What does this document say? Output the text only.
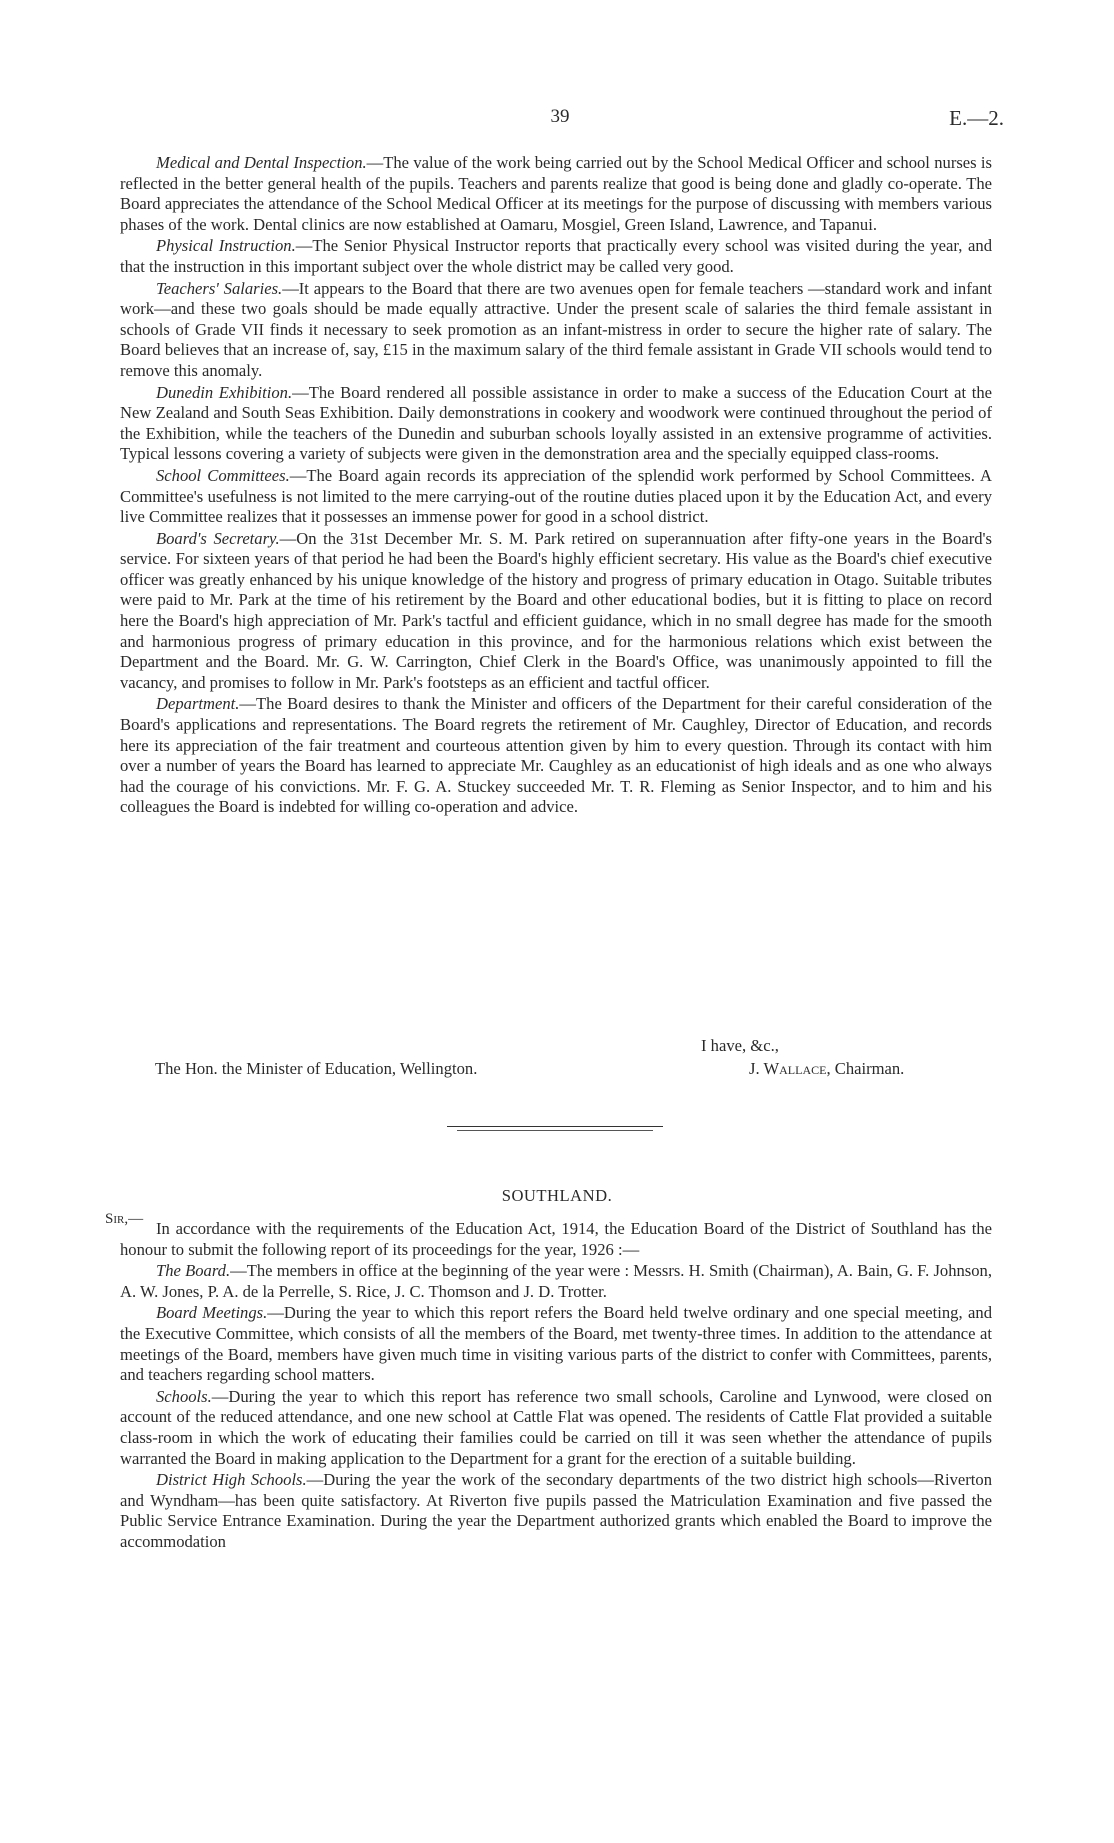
39	E.—2.

Medical and Dental Inspection.—The value of the work being carried out by the School Medical Officer and school nurses is reflected in the better general health of the pupils. Teachers and parents realize that good is being done and gladly co-operate. The Board appreciates the attendance of the School Medical Officer at its meetings for the purpose of discussing with members various phases of the work. Dental clinics are now established at Oamaru, Mosgiel, Green Island, Lawrence, and Tapanui.

Physical Instruction.—The Senior Physical Instructor reports that practically every school was visited during the year, and that the instruction in this important subject over the whole district may be called very good.

Teachers' Salaries.—It appears to the Board that there are two avenues open for female teachers —standard work and infant work—and these two goals should be made equally attractive. Under the present scale of salaries the third female assistant in schools of Grade VII finds it necessary to seek promotion as an infant-mistress in order to secure the higher rate of salary. The Board believes that an increase of, say, £15 in the maximum salary of the third female assistant in Grade VII schools would tend to remove this anomaly.

Dunedin Exhibition.—The Board rendered all possible assistance in order to make a success of the Education Court at the New Zealand and South Seas Exhibition. Daily demonstrations in cookery and woodwork were continued throughout the period of the Exhibition, while the teachers of the Dunedin and suburban schools loyally assisted in an extensive programme of activities. Typical lessons covering a variety of subjects were given in the demonstration area and the specially equipped class-rooms.

School Committees.—The Board again records its appreciation of the splendid work performed by School Committees. A Committee's usefulness is not limited to the mere carrying-out of the routine duties placed upon it by the Education Act, and every live Committee realizes that it possesses an immense power for good in a school district.

Board's Secretary.—On the 31st December Mr. S. M. Park retired on superannuation after fifty-one years in the Board's service. For sixteen years of that period he had been the Board's highly efficient secretary. His value as the Board's chief executive officer was greatly enhanced by his unique knowledge of the history and progress of primary education in Otago. Suitable tributes were paid to Mr. Park at the time of his retirement by the Board and other educational bodies, but it is fitting to place on record here the Board's high appreciation of Mr. Park's tactful and efficient guidance, which in no small degree has made for the smooth and harmonious progress of primary education in this province, and for the harmonious relations which exist between the Department and the Board. Mr. G. W. Carrington, Chief Clerk in the Board's Office, was unanimously appointed to fill the vacancy, and promises to follow in Mr. Park's footsteps as an efficient and tactful officer.

Department.—The Board desires to thank the Minister and officers of the Department for their careful consideration of the Board's applications and representations. The Board regrets the retirement of Mr. Caughley, Director of Education, and records here its appreciation of the fair treatment and courteous attention given by him to every question. Through its contact with him over a number of years the Board has learned to appreciate Mr. Caughley as an educationist of high ideals and as one who always had the courage of his convictions. Mr. F. G. A. Stuckey succeeded Mr. T. R. Fleming as Senior Inspector, and to him and his colleagues the Board is indebted for willing co-operation and advice.

I have, &c.,
The Hon. the Minister of Education, Wellington.	J. Wallace, Chairman.
SOUTHLAND.
Sir,— In accordance with the requirements of the Education Act, 1914, the Education Board of the District of Southland has the honour to submit the following report of its proceedings for the year, 1926 :—

The Board.—The members in office at the beginning of the year were : Messrs. H. Smith (Chairman), A. Bain, G. F. Johnson, A. W. Jones, P. A. de la Perrelle, S. Rice, J. C. Thomson and J. D. Trotter.

Board Meetings.—During the year to which this report refers the Board held twelve ordinary and one special meeting, and the Executive Committee, which consists of all the members of the Board, met twenty-three times. In addition to the attendance at meetings of the Board, members have given much time in visiting various parts of the district to confer with Committees, parents, and teachers regarding school matters.

Schools.—During the year to which this report has reference two small schools, Caroline and Lynwood, were closed on account of the reduced attendance, and one new school at Cattle Flat was opened. The residents of Cattle Flat provided a suitable class-room in which the work of educating their families could be carried on till it was seen whether the attendance of pupils warranted the Board in making application to the Department for a grant for the erection of a suitable building.

District High Schools.—During the year the work of the secondary departments of the two district high schools—Riverton and Wyndham—has been quite satisfactory. At Riverton five pupils passed the Matriculation Examination and five passed the Public Service Entrance Examination. During the year the Department authorized grants which enabled the Board to improve the accommodation
